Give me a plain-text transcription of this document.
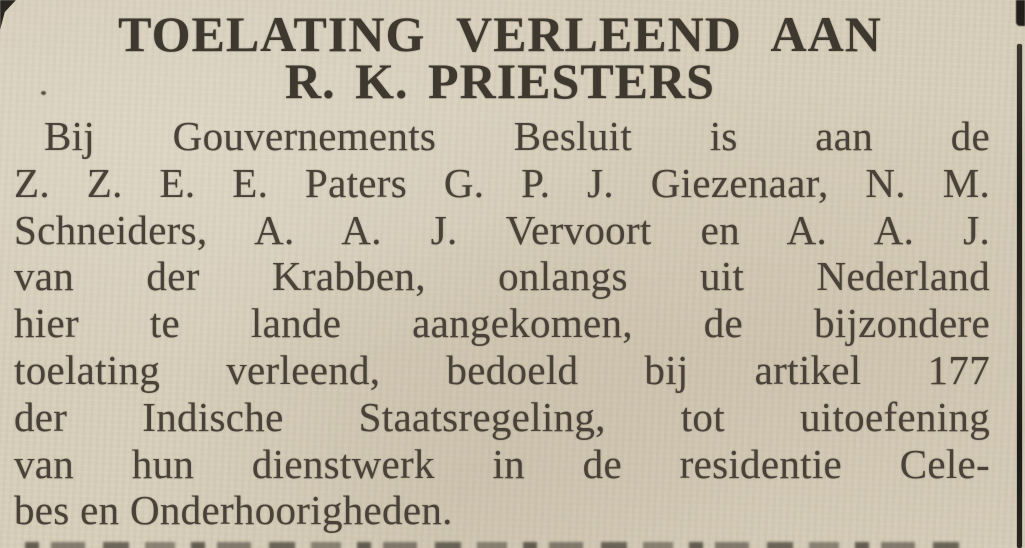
TOELATING VERLEEND AAN
R. K. PRIESTERS
Bij Gouvernements Besluit is aan de
Z. Z. E. E. Paters G. P. J. Giezenaar, N. M.
Schneiders, A. A. J. Vervoort en A. A. J.
van der Krabben, onlangs uit Nederland
hier te lande aangekomen, de bijzondere
toelating verleend, bedoeld bij artikel 177
der Indische Staatsregeling, tot uitoefening
van hun dienstwerk in de residentie Cele-
bes en Onderhoorigheden.
